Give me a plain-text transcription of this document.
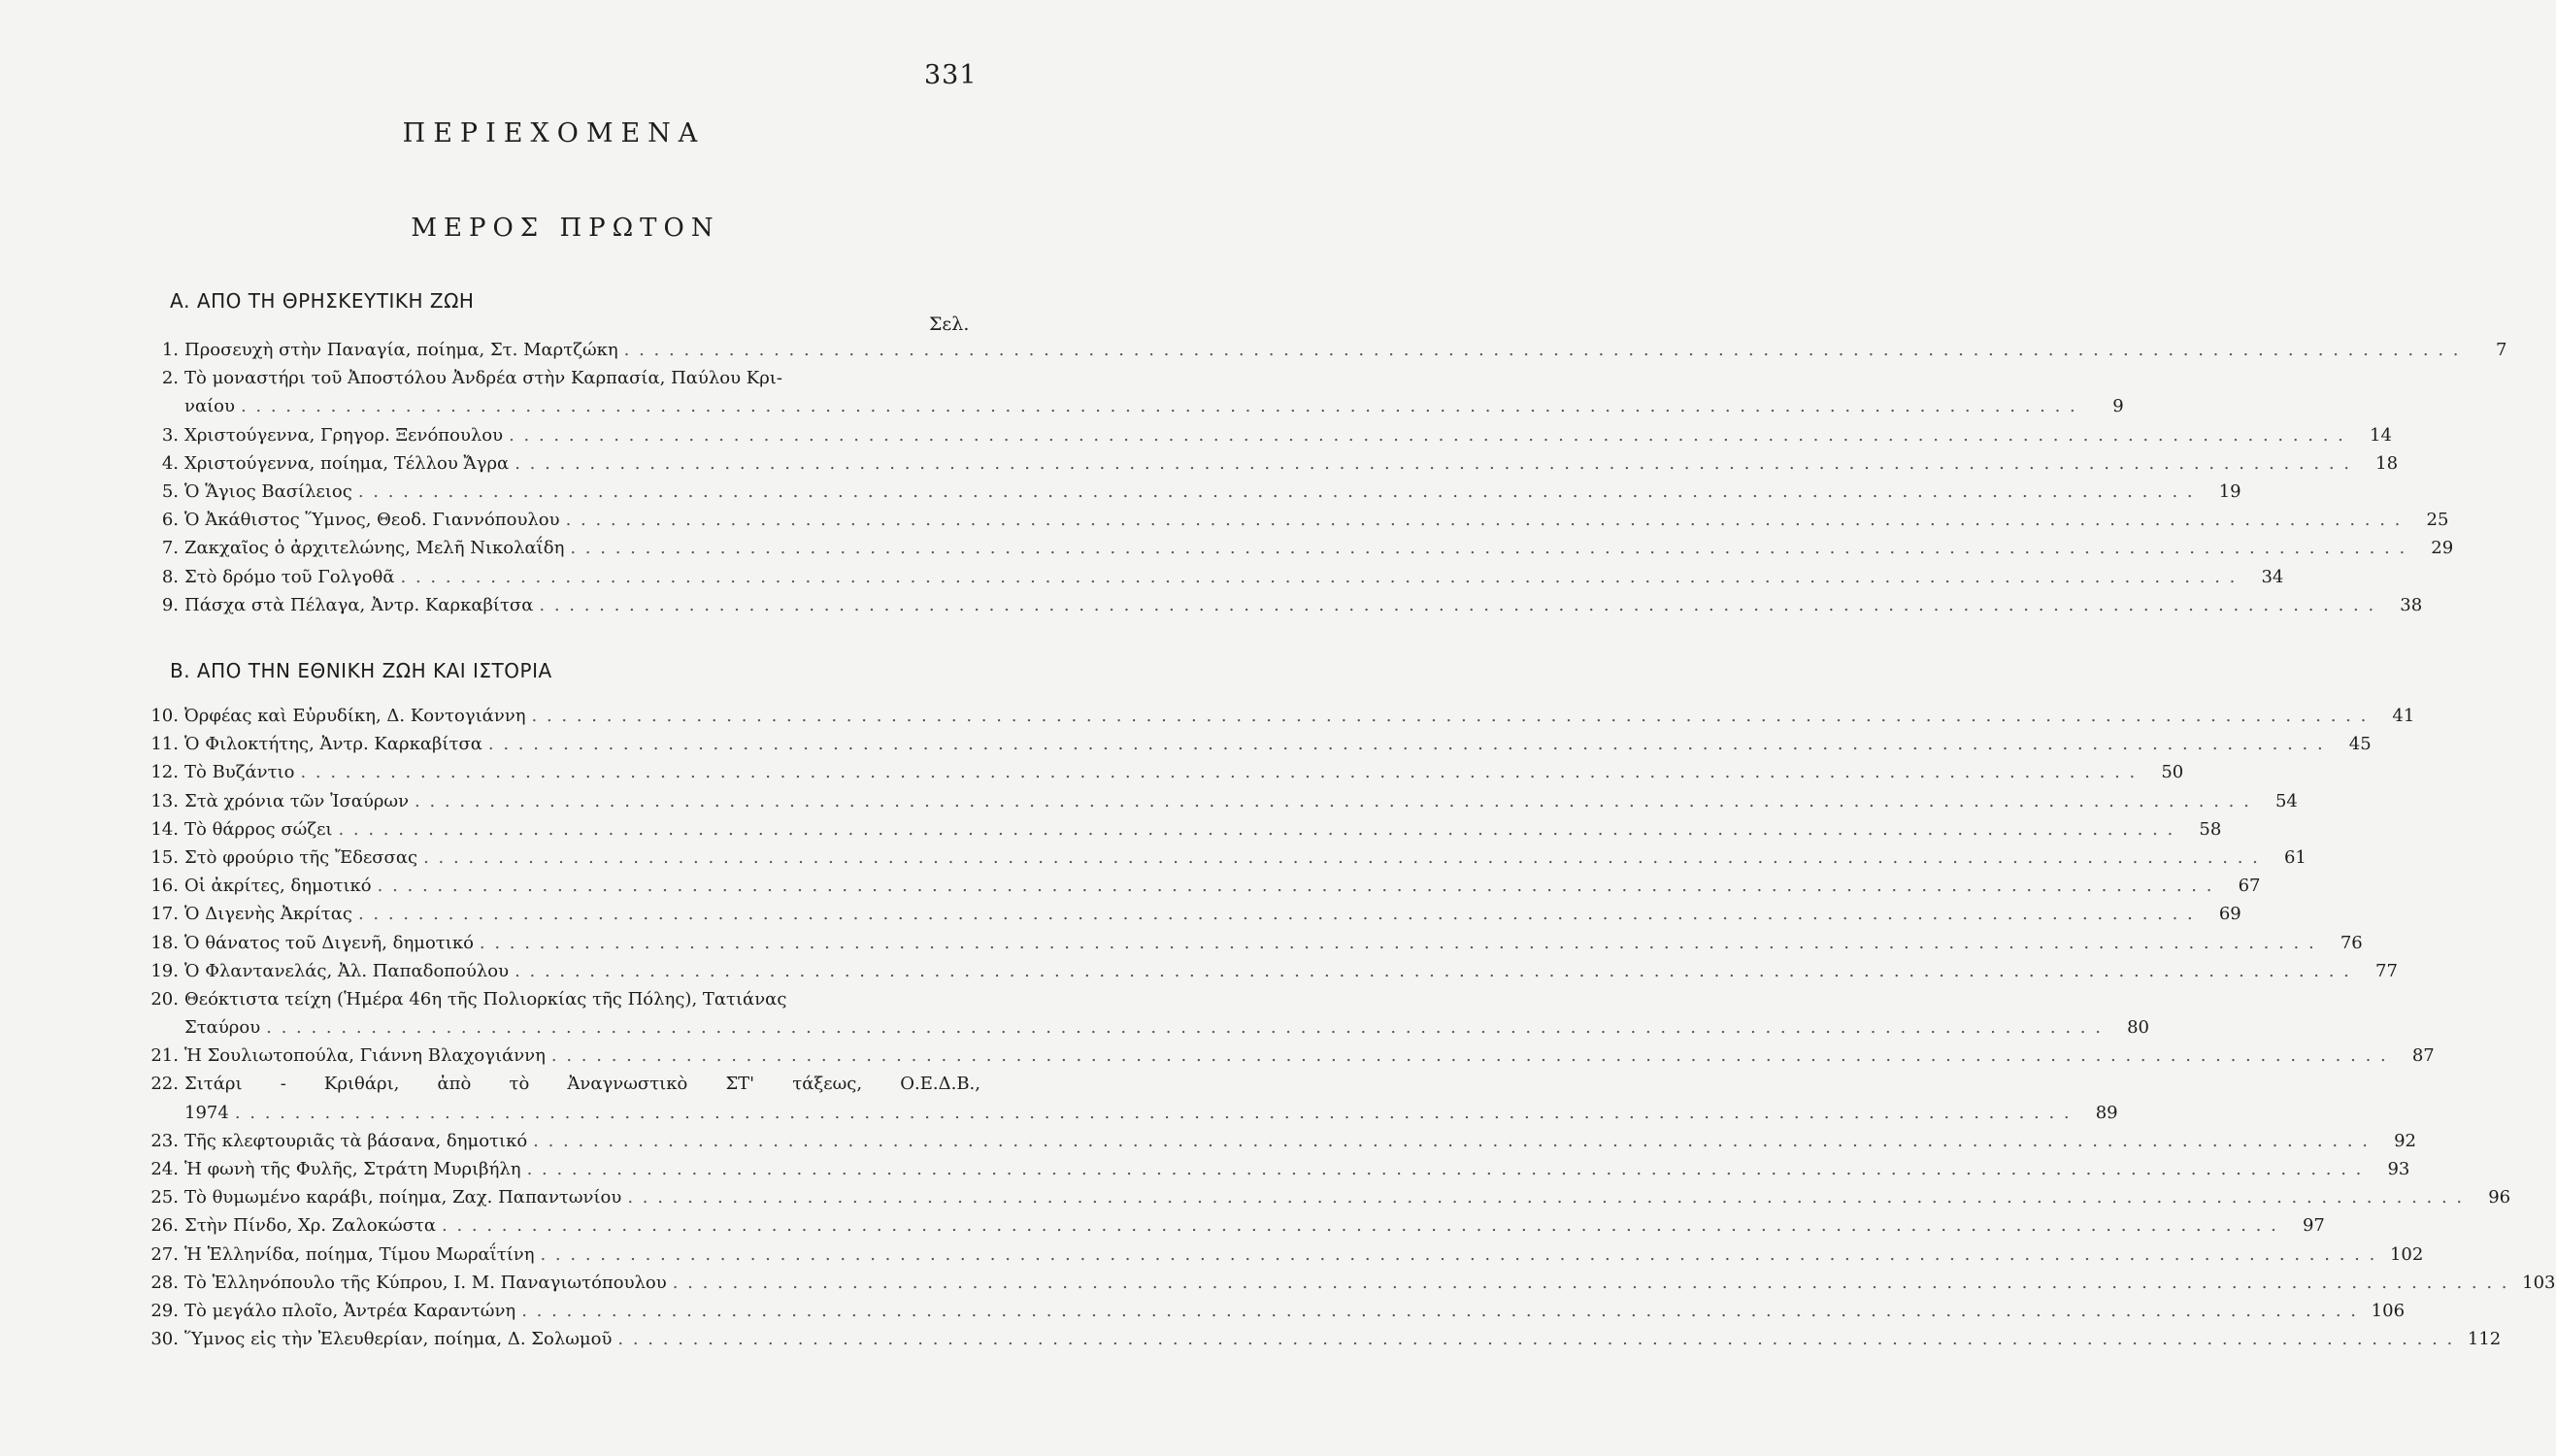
331
ΠΕΡΙΕΧΟΜΕΝΑ
ΜΕΡΟΣ ΠΡΩΤΟΝ
Α. ΑΠΟ ΤΗ ΘΡΗΣΚΕΥΤΙΚΗ ΖΩΗ
Σελ.
1. Προσευχὴ στὴν Παναγία, ποίημα, Στ. Μαρτζώκη . . .	7
2. Τὸ μοναστήρι τοῦ Ἀποστόλου Ἀνδρέα στὴν Καρπασία, Παύλου Κρι-
ναίου . . .	9
3. Χριστούγεννα, Γρηγορ. Ξενόπουλου . . .	14
4. Χριστούγεννα, ποίημα, Τέλλου Ἄγρα . . .	18
5. Ὁ Ἅγιος Βασίλειος . . .	19
6. Ὁ Ἀκάθιστος Ὕμνος, Θεοδ. Γιαννόπουλου . . .	25
7. Ζακχαῖος ὁ ἀρχιτελώνης, Μελῆ Νικολαΐδη . . .	29
8. Στὸ δρόμο τοῦ Γολγοθᾶ . . .	34
9. Πάσχα στὰ Πέλαγα, Ἀντρ. Καρκαβίτσα . . .	38
Β. ΑΠΟ ΤΗΝ ΕΘΝΙΚΗ ΖΩΗ ΚΑΙ ΙΣΤΟΡΙΑ
10. Ὀρφέας καὶ Εὐρυδίκη, Δ. Κοντογιάννη . . .	41
11. Ὁ Φιλοκτήτης, Ἀντρ. Καρκαβίτσα . . .	45
12. Τὸ Βυζάντιο . . .	50
13. Στὰ χρόνια τῶν Ἰσαύρων . . .	54
14. Τὸ θάρρος σώζει . . .	58
15. Στὸ φρούριο τῆς Ἔδεσσας . . .	61
16. Οἱ ἀκρίτες, δημοτικό . . .	67
17. Ὁ Διγενὴς Ἀκρίτας . . .	69
18. Ὁ θάνατος τοῦ Διγενῆ, δημοτικό . . .	76
19. Ὁ Φλαντανελάς, Ἀλ. Παπαδοπούλου . . .	77
20. Θεόκτιστα τείχη (Ἡμέρα 46η τῆς Πολιορκίας τῆς Πόλης), Τατιάνας
Σταύρου . . .	80
21. Ἡ Σουλιωτοπούλα, Γιάννη Βλαχογιάννη . . .	87
22. Σιτάρι - Κριθάρι, ἀπὸ τὸ Ἀναγνωστικὸ ΣΤ' τάξεως, Ο.Ε.Δ.Β.,
1974 . . .	89
23. Τῆς κλεφτουριᾶς τὰ βάσανα, δημοτικό . . .	92
24. Ἡ φωνὴ τῆς Φυλῆς, Στράτη Μυριβήλη . . .	93
25. Τὸ θυμωμένο καράβι, ποίημα, Ζαχ. Παπαντωνίου . . .	96
26. Στὴν Πίνδο, Χρ. Ζαλοκώστα . . .	97
27. Ἡ Ἑλληνίδα, ποίημα, Τίμου Μωραΐτίνη . . .	102
28. Τὸ Ἑλληνόπουλο τῆς Κύπρου, Ι. Μ. Παναγιωτόπουλου . . .	103
29. Τὸ μεγάλο πλοῖο, Ἀντρέα Καραντώνη . . .	106
30. Ὕμνος εἰς τὴν Ἐλευθερίαν, ποίημα, Δ. Σολωμοῦ . . .	112
